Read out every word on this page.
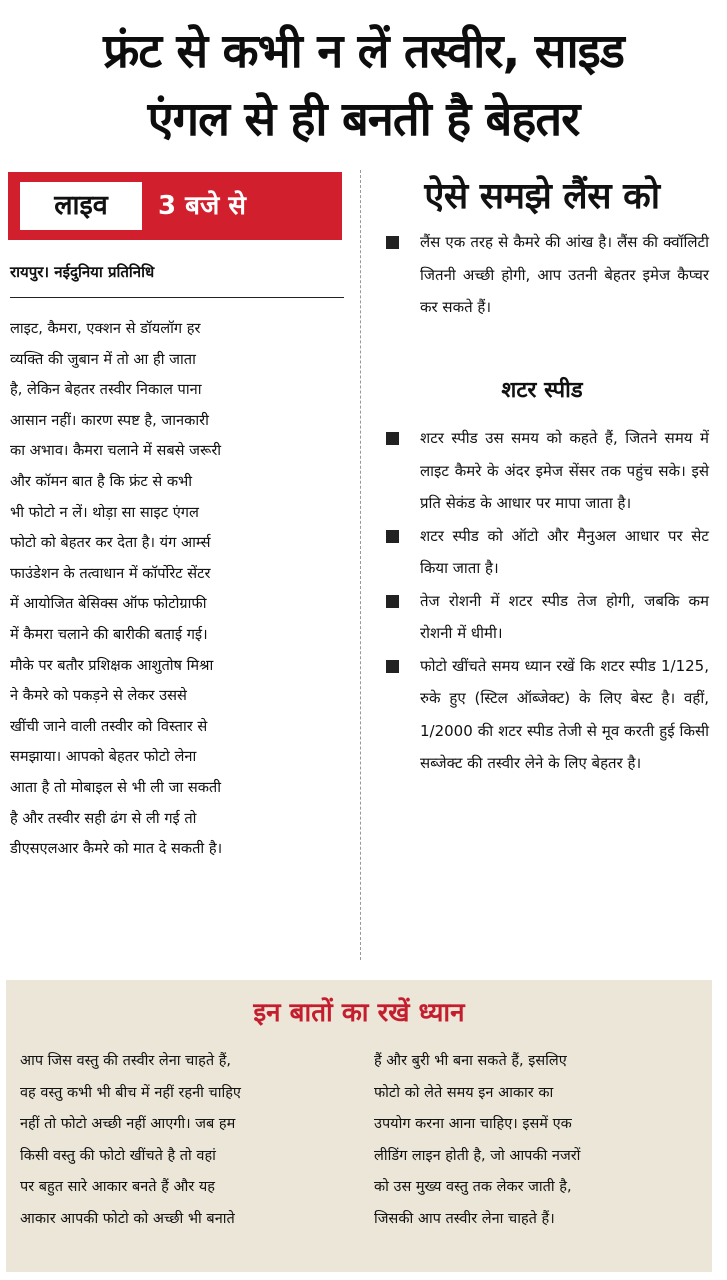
फ्रंट से कभी न लें तस्वीर, साइड
एंगल से ही बनती है बेहतर
लाइव	3 बजे से
रायपुर। नईदुनिया प्रतिनिधि
लाइट, कैमरा, एक्शन से डॉयलॉग हर
व्यक्ति की जुबान में तो आ ही जाता
है, लेकिन बेहतर तस्वीर निकाल पाना
आसान नहीं। कारण स्पष्ट है, जानकारी
का अभाव। कैमरा चलाने में सबसे जरूरी
और कॉमन बात है कि फ्रंट से कभी
भी फोटो न लें। थोड़ा सा साइट एंगल
फोटो को बेहतर कर देता है। यंग आर्म्स
फाउंडेशन के तत्वाधान में कॉर्पोरेट सेंटर
में आयोजित बेसिक्स ऑफ फोटोग्राफी
में कैमरा चलाने की बारीकी बताई गई।
मौके पर बतौर प्रशिक्षक आशुतोष मिश्रा
ने कैमरे को पकड़ने से लेकर उससे
खींची जाने वाली तस्वीर को विस्तार से
समझाया। आपको बेहतर फोटो लेना
आता है तो मोबाइल से भी ली जा सकती
है और तस्वीर सही ढंग से ली गई तो
डीएसएलआर कैमरे को मात दे सकती है।
ऐसे समझे लैंस को
लैंस एक तरह से कैमरे की आंख है। लैंस की क्वॉलिटी जितनी अच्छी होगी, आप उतनी बेहतर इमेज कैप्चर कर सकते हैं।
शटर स्पीड
शटर स्पीड उस समय को कहते हैं, जितने समय में लाइट कैमरे के अंदर इमेज सेंसर तक पहुंच सके। इसे प्रति सेकंड के आधार पर मापा जाता है।
शटर स्पीड को ऑटो और मैनुअल आधार पर सेट किया जाता है।
तेज रोशनी में शटर स्पीड तेज होगी, जबकि कम रोशनी में धीमी।
फोटो खींचते समय ध्यान रखें कि शटर स्पीड 1/125, रुके हुए (स्टिल ऑब्जेक्ट) के लिए बेस्ट है। वहीं, 1/2000 की शटर स्पीड तेजी से मूव करती हुई किसी सब्जेक्ट की तस्वीर लेने के लिए बेहतर है।
इन बातों का रखें ध्यान
आप जिस वस्तु की तस्वीर लेना चाहते हैं,
वह वस्तु कभी भी बीच में नहीं रहनी चाहिए
नहीं तो फोटो अच्छी नहीं आएगी। जब हम
किसी वस्तु की फोटो खींचते है तो वहां
पर बहुत सारे आकार बनते हैं और यह
आकार आपकी फोटो को अच्छी भी बनाते
हैं और बुरी भी बना सकते हैं, इसलिए
फोटो को लेते समय इन आकार का
उपयोग करना आना चाहिए। इसमें एक
लीडिंग लाइन होती है, जो आपकी नजरों
को उस मुख्य वस्तु तक लेकर जाती है,
जिसकी आप तस्वीर लेना चाहते हैं।
